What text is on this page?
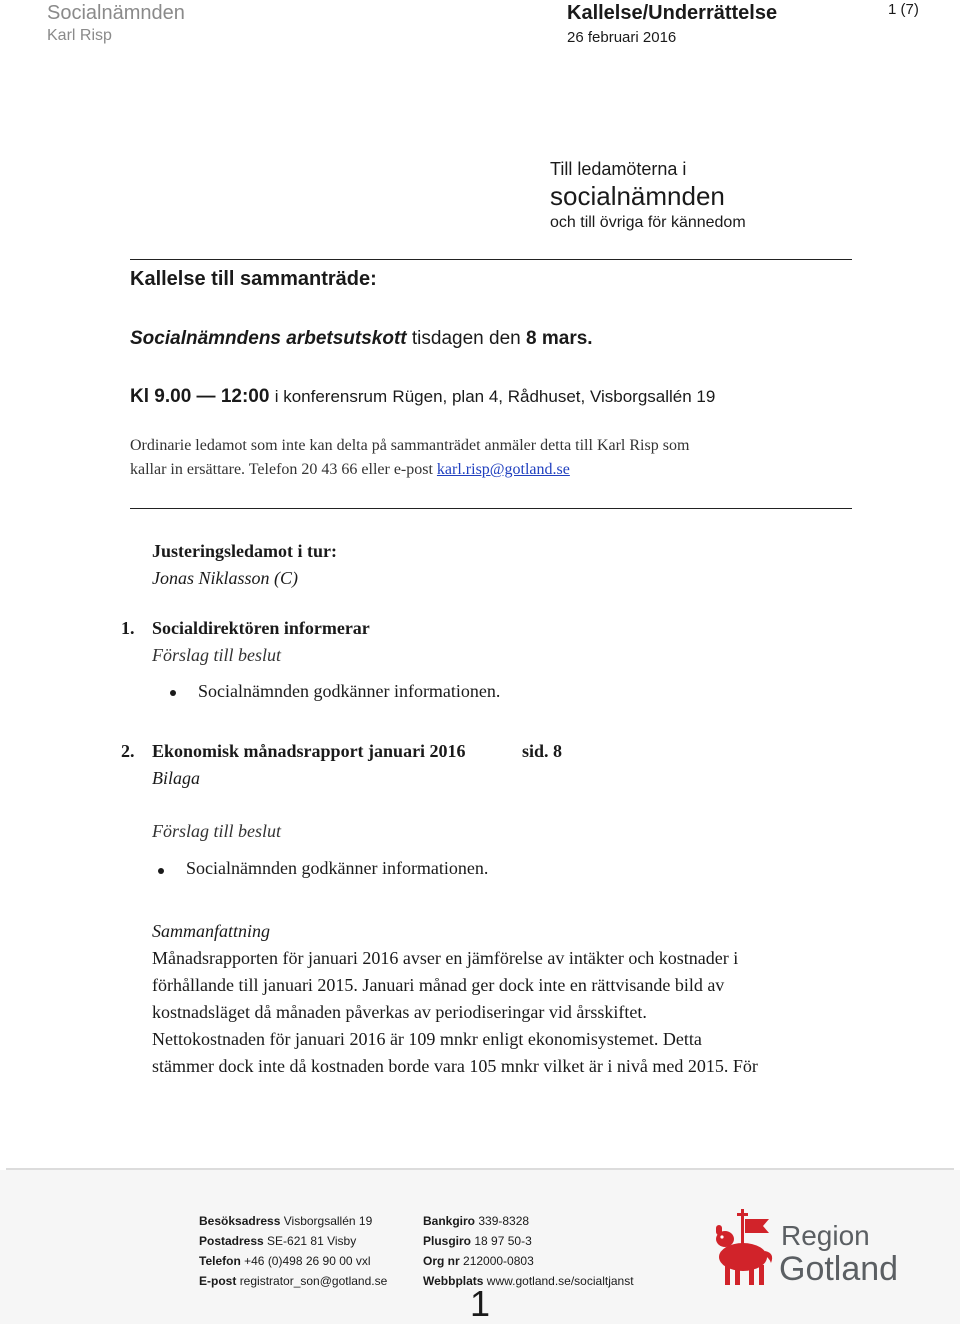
Socialnämnden
Karl Risp
Kallelse/Underrättelse
26 februari 2016
1 (7)
Till ledamöterna i
socialnämnden
och till övriga för kännedom
Kallelse till sammanträde:
Socialnämndens arbetsutskott tisdagen den 8 mars.
Kl 9.00 — 12:00 i konferensrum Rügen, plan 4, Rådhuset, Visborgsallén 19
Ordinarie ledamot som inte kan delta på sammanträdet anmäler detta till Karl Risp som
kallar in ersättare. Telefon 20 43 66 eller e-post karl.risp@gotland.se
Justeringsledamot i tur:
Jonas Niklasson (C)
1. Socialdirektören informerar
Förslag till beslut
Socialnämnden godkänner informationen.
2. Ekonomisk månadsrapport januari 2016	sid. 8
Bilaga
Förslag till beslut
Socialnämnden godkänner informationen.
Sammanfattning
Månadsrapporten för januari 2016 avser en jämförelse av intäkter och kostnader i
förhållande till januari 2015. Januari månad ger dock inte en rättvisande bild av
kostnadsläget då månaden påverkas av periodiseringar vid årsskiftet.
Nettokostnaden för januari 2016 är 109 mnkr enligt ekonomisystemet. Detta
stämmer dock inte då kostnaden borde vara 105 mnkr vilket är i nivå med 2015. För
Besöksadress Visborgsallén 19
Postadress SE-621 81 Visby
Telefon +46 (0)498 26 90 00 vxl
E-post registrator_son@gotland.se
Bankgiro 339-8328
Plusgiro 18 97 50-3
Org nr 212000-0803
Webbplats www.gotland.se/socialtjanst
1
Region
Gotland
